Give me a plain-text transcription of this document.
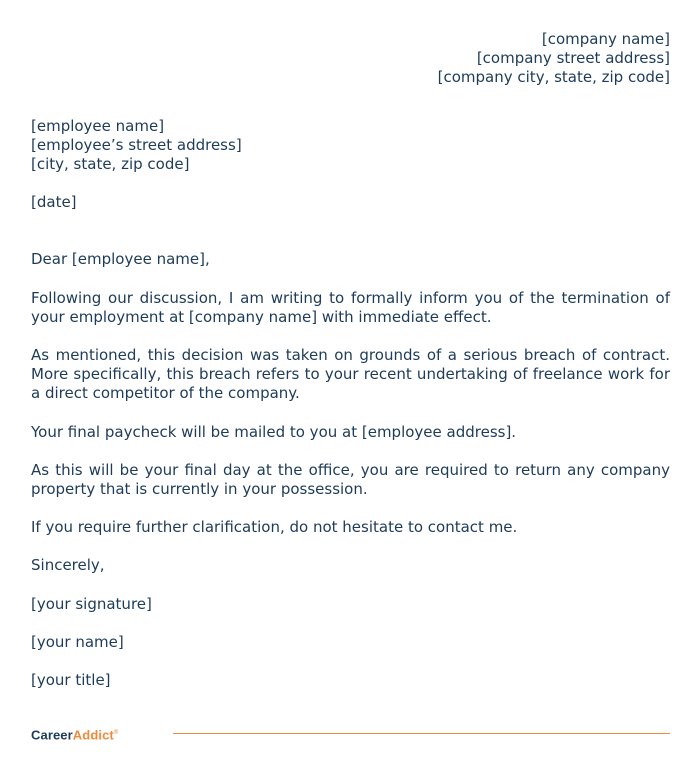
[company name]
[company street address]
[company city, state, zip code]
[employee name]
[employee’s street address]
[city, state, zip code]
[date]
Dear [employee name],
Following our discussion, I am writing to formally inform you of the termination of your employment at [company name] with immediate effect.
As mentioned, this decision was taken on grounds of a serious breach of contract. More specifically, this breach refers to your recent undertaking of freelance work for a direct competitor of the company.
Your final paycheck will be mailed to you at [employee address].
As this will be your final day at the office, you are required to return any company property that is currently in your possession.
If you require further clarification, do not hesitate to contact me.
Sincerely,
[your signature]
[your name]
[your title]
CareerAddict®
